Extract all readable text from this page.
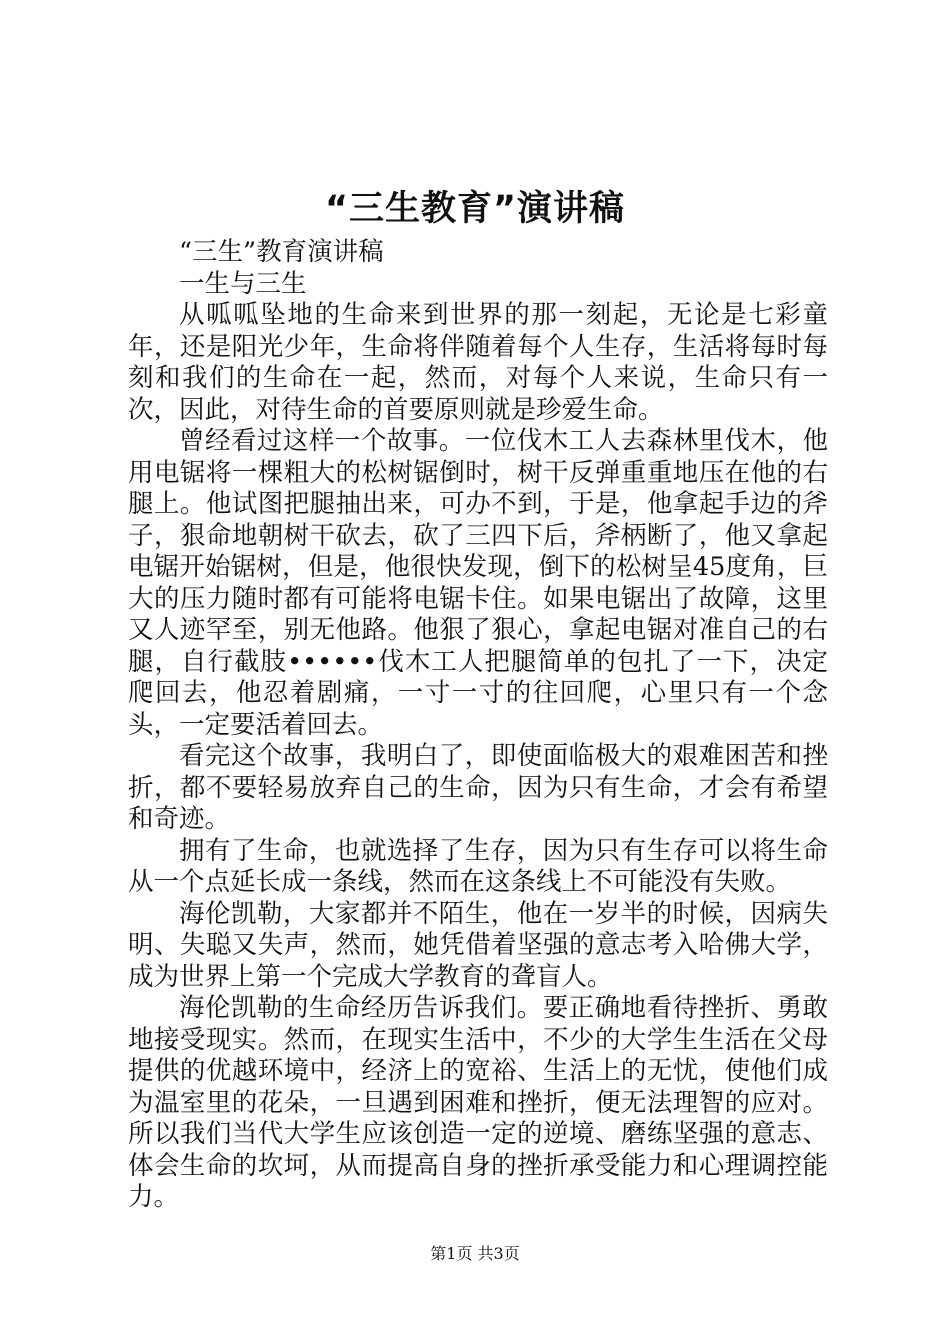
“三生教育”演讲稿

“三生”教育演讲稿

一生与三生

从呱呱坠地的生命来到世界的那一刻起，无论是七彩童年，还是阳光少年，生命将伴随着每个人生存，生活将每时每刻和我们的生命在一起，然而，对每个人来说，生命只有一次，因此，对待生命的首要原则就是珍爱生命。

曾经看过这样一个故事。一位伐木工人去森林里伐木，他用电锯将一棵粗大的松树锯倒时，树干反弹重重地压在他的右腿上。他试图把腿抽出来，可办不到，于是，他拿起手边的斧子，狠命地朝树干砍去，砍了三四下后，斧柄断了，他又拿起电锯开始锯树，但是，他很快发现，倒下的松树呈45度角，巨大的压力随时都有可能将电锯卡住。如果电锯出了故障，这里又人迹罕至，别无他路。他狠了狠心，拿起电锯对准自己的右腿，自行截肢••••••伐木工人把腿简单的包扎了一下，决定爬回去，他忍着剧痛，一寸一寸的往回爬，心里只有一个念头，一定要活着回去。

看完这个故事，我明白了，即使面临极大的艰难困苦和挫折，都不要轻易放弃自己的生命，因为只有生命，才会有希望和奇迹。

拥有了生命，也就选择了生存，因为只有生存可以将生命从一个点延长成一条线，然而在这条线上不可能没有失败。

海伦凯勒，大家都并不陌生，他在一岁半的时候，因病失明、失聪又失声，然而，她凭借着坚强的意志考入哈佛大学，成为世界上第一个完成大学教育的聋盲人。

海伦凯勒的生命经历告诉我们。要正确地看待挫折、勇敢地接受现实。然而，在现实生活中，不少的大学生生活在父母提供的优越环境中，经济上的宽裕、生活上的无忧，使他们成为温室里的花朵，一旦遇到困难和挫折，便无法理智的应对。所以我们当代大学生应该创造一定的逆境、磨练坚强的意志、体会生命的坎坷，从而提高自身的挫折承受能力和心理调控能力。

第1页 共3页
